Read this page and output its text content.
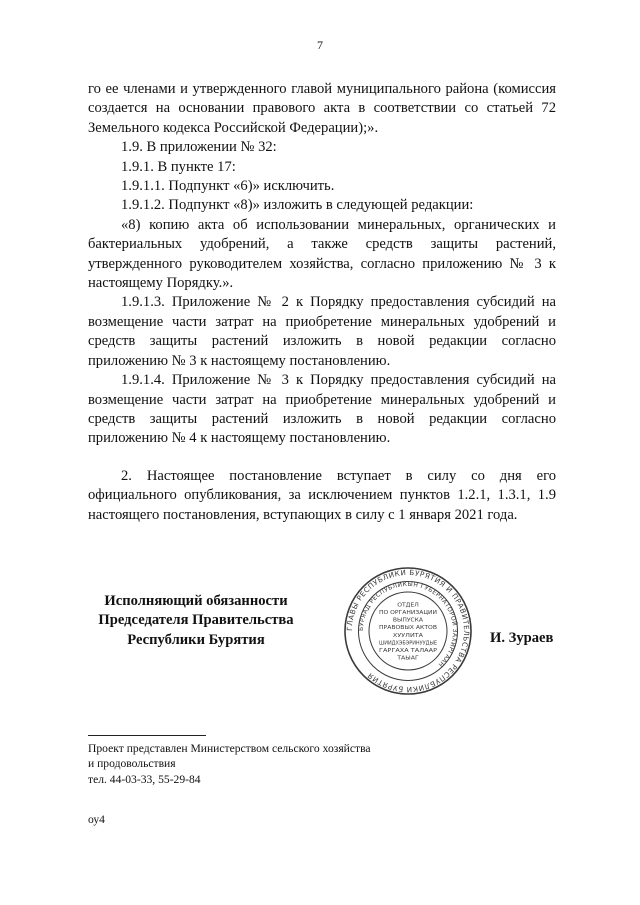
7

го ее членами и утвержденного главой муниципального района (комиссия создается на основании правового акта в соответствии со статьей 72 Земельного кодекса Российской Федерации);».

1.9. В приложении № 32:

1.9.1. В пункте 17:

1.9.1.1. Подпункт «6)» исключить.

1.9.1.2. Подпункт «8)» изложить в следующей редакции:

«8) копию акта об использовании минеральных, органических и бактериальных удобрений, а также средств защиты растений, утвержденного руководителем хозяйства, согласно приложению № 3 к настоящему Порядку.».

1.9.1.3. Приложение № 2 к Порядку предоставления субсидий на возмещение части затрат на приобретение минеральных удобрений и средств защиты растений изложить в новой редакции согласно приложению № 3 к настоящему постановлению.

1.9.1.4. Приложение № 3 к Порядку предоставления субсидий на возмещение части затрат на приобретение минеральных удобрений и средств защиты растений изложить в новой редакции согласно приложению № 4 к настоящему постановлению.

2. Настоящее постановление вступает в силу со дня его официального опубликования, за исключением пунктов 1.2.1, 1.3.1, 1.9 настоящего постановления, вступающих в силу с 1 января 2021 года.

Исполняющий обязанности
Председателя Правительства
Республики Бурятия
ГЛАВЫ РЕСПУБЛИКИ БУРЯТИЯ И ПРАВИТЕЛЬСТВА РЕСПУБЛИКИ БУРЯТИЯ
БУРЯАД РЕСПУБЛИКЫН ГУБЕРНАТОРОЙ ЗАХИРГААН
ОТДЕЛ
ПО ОРГАНИЗАЦИИ
ВЫПУСКА
ПРАВОВЫХ АКТОВ
ХУУЛИТА
ШИИДХЭБЭРИНУУДЫЕ
ГАРГАХА ТАЛААР
ТАЫАГ
И. Зураев
Проект представлен Министерством сельского хозяйства
и продовольствия
тел. 44-03-33, 55-29-84
оу4
